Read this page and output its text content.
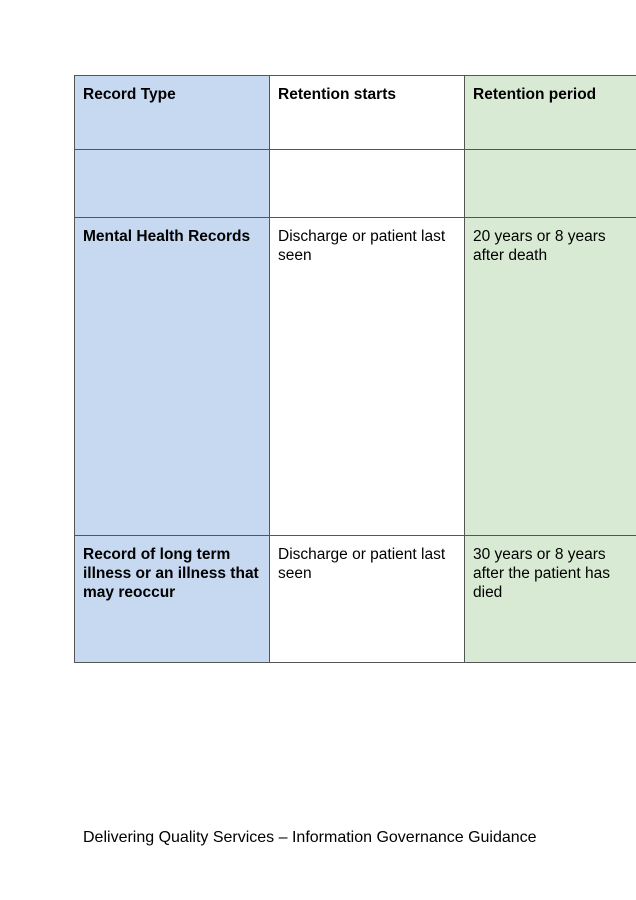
Record Type	Retention starts	Retention period

Mental Health Records	Discharge or patient last seen	20 years or 8 years after death
Record of long term illness or an illness that may reoccur	Discharge or patient last seen	30 years or 8 years after the patient has died
Delivering Quality Services – Information Governance Guidance
